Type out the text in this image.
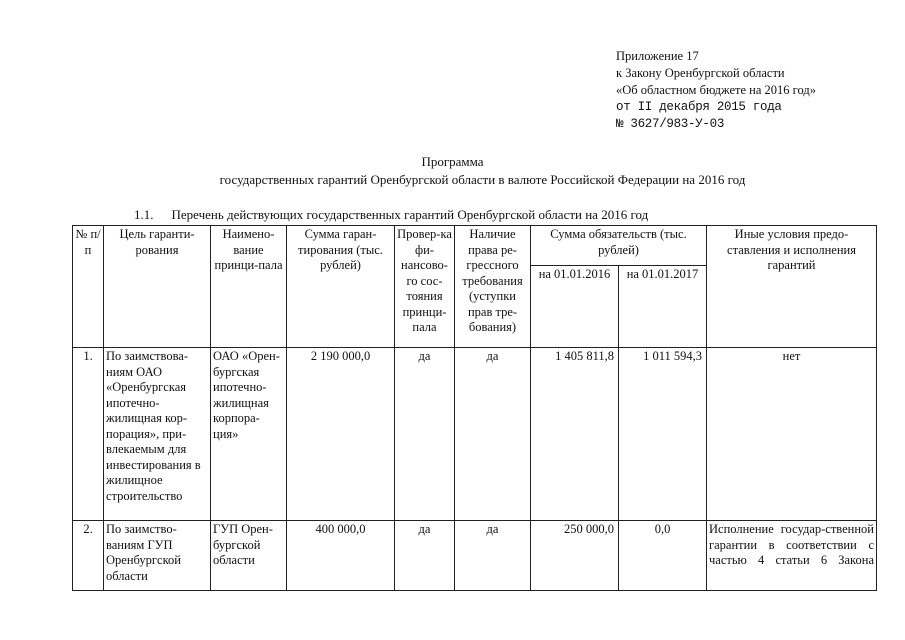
Приложение 17
к Закону Оренбургской области
«Об областном бюджете на 2016 год»
от II декабря 2015 года
№ 3627/983-У-03
Программа
государственных гарантий Оренбургской области в валюте Российской Федерации на 2016 год
1.1. Перечень действующих государственных гарантий Оренбургской области на 2016 год
№ п/п	Цель гаранти-рования	Наимено-вание принци-пала	Сумма гаран-тирования (тыс. рублей)	Провер-ка фи-нансово-го сос-тояния принци-пала	Наличие права ре-грессного требования (уступки прав тре-бования)	Сумма обязательств (тыс. рублей)		Иные условия предо-ставления и исполнения гарантий
						на 01.01.2016	на 01.01.2017	
1.	По заимствова-ниям ОАО «Оренбургская ипотечно-жилищная кор-порация», при-влекаемым для инвестирования в жилищное строительство	ОАО «Орен-бургская ипотечно-жилищная корпора-ция»	2 190 000,0	да	да	1 405 811,8	1 011 594,3	нет
2.	По заимство-ваниям ГУП Оренбургской области	ГУП Орен-бургской области	400 000,0	да	да	250 000,0	0,0	Исполнение государ-ственной гарантии в соответствии с частью 4 статьи 6 Закона
